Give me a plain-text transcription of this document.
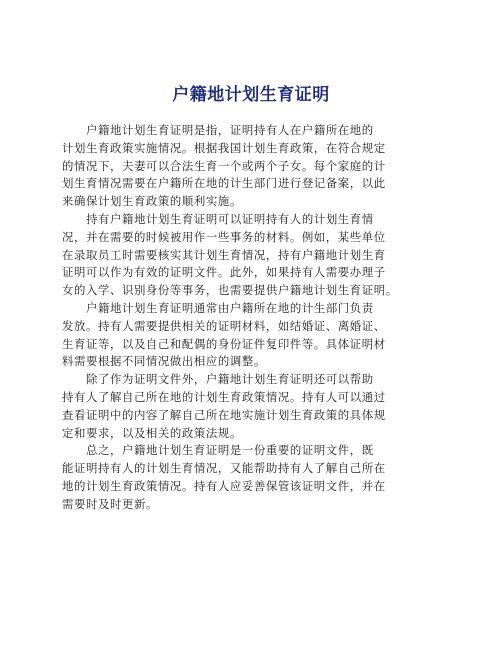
户籍地计划生育证明

户籍地计划生育证明是指，证明持有人在户籍所在地的

计划生育政策实施情况。根据我国计划生育政策，在符合规定

的情况下，夫妻可以合法生育一个或两个子女。每个家庭的计

划生育情况需要在户籍所在地的计生部门进行登记备案，以此

来确保计划生育政策的顺利实施。

持有户籍地计划生育证明可以证明持有人的计划生育情

况，并在需要的时候被用作一些事务的材料。例如，某些单位

在录取员工时需要核实其计划生育情况，持有户籍地计划生育

证明可以作为有效的证明文件。此外，如果持有人需要办理子

女的入学、识别身份等事务，也需要提供户籍地计划生育证明。

户籍地计划生育证明通常由户籍所在地的计生部门负责

发放。持有人需要提供相关的证明材料，如结婚证、离婚证、

生育证等，以及自己和配偶的身份证件复印件等。具体证明材

料需要根据不同情况做出相应的调整。

除了作为证明文件外，户籍地计划生育证明还可以帮助

持有人了解自己所在地的计划生育政策情况。持有人可以通过

查看证明中的内容了解自己所在地实施计划生育政策的具体规

定和要求，以及相关的政策法规。

总之，户籍地计划生育证明是一份重要的证明文件，既

能证明持有人的计划生育情况，又能帮助持有人了解自己所在

地的计划生育政策情况。持有人应妥善保管该证明文件，并在

需要时及时更新。
